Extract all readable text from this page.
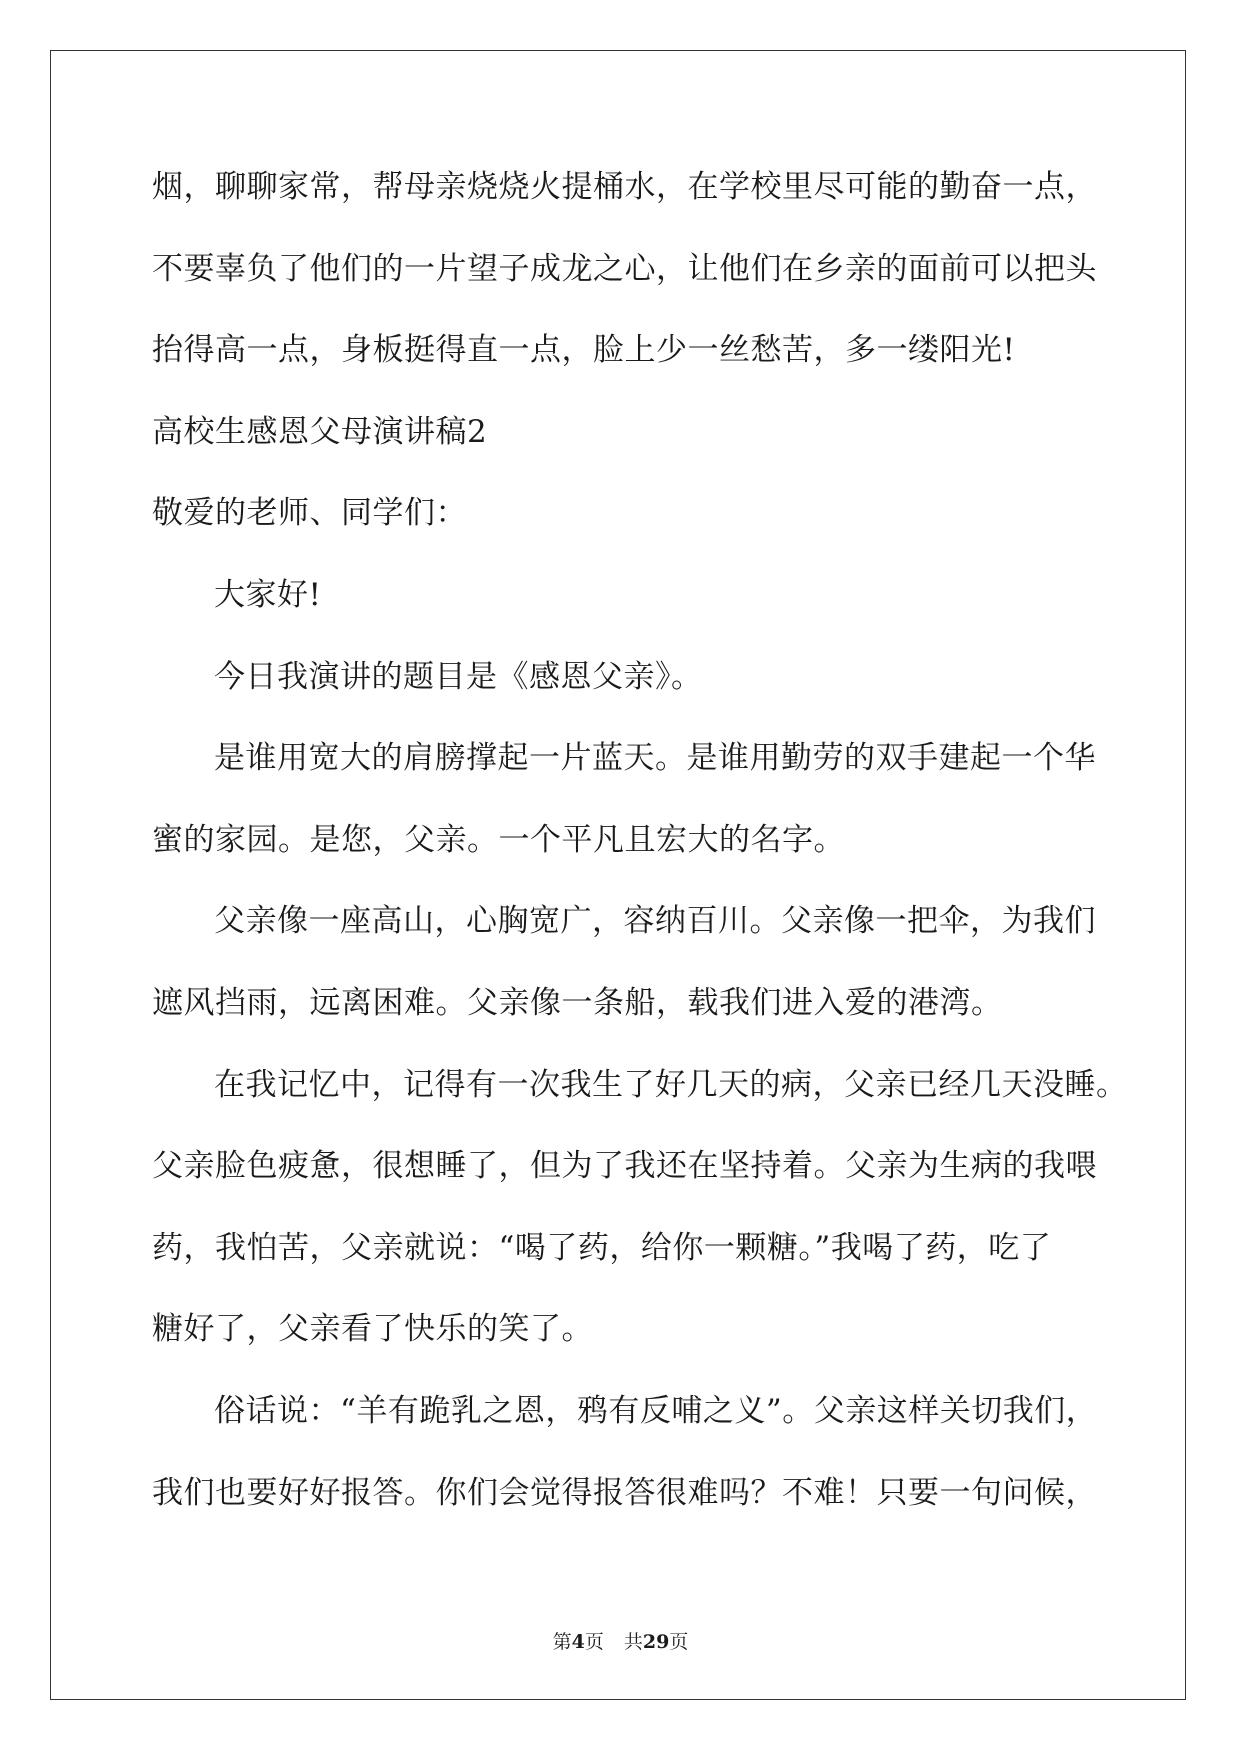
烟，聊聊家常，帮母亲烧烧火提桶水，在学校里尽可能的勤奋一点，
不要辜负了他们的一片望子成龙之心，让他们在乡亲的面前可以把头
抬得高一点，身板挺得直一点，脸上少一丝愁苦，多一缕阳光!
高校生感恩父母演讲稿2
敬爱的老师、同学们：
大家好!
今日我演讲的题目是《感恩父亲》。
是谁用宽大的肩膀撑起一片蓝天。是谁用勤劳的双手建起一个华
蜜的家园。是您，父亲。一个平凡且宏大的名字。
父亲像一座高山，心胸宽广，容纳百川。父亲像一把伞，为我们
遮风挡雨，远离困难。父亲像一条船，载我们进入爱的港湾。
在我记忆中，记得有一次我生了好几天的病，父亲已经几天没睡。
父亲脸色疲惫，很想睡了，但为了我还在坚持着。父亲为生病的我喂
药，我怕苦，父亲就说：“喝了药，给你一颗糖。”我喝了药，吃了
糖好了，父亲看了快乐的笑了。
俗话说：“羊有跪乳之恩，鸦有反哺之义”。父亲这样关切我们，
我们也要好好报答。你们会觉得报答很难吗？不难！只要一句问候，
第4页 共29页
